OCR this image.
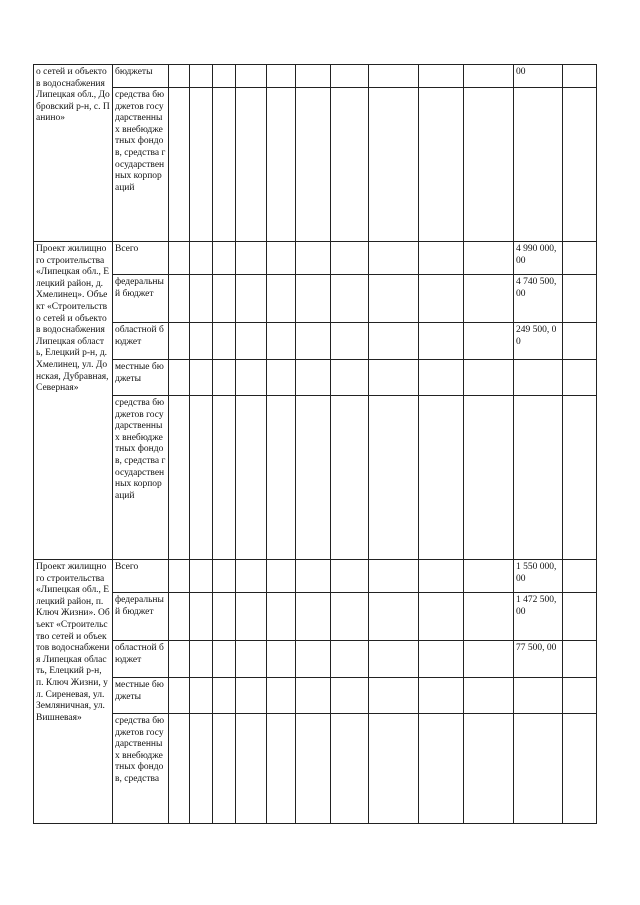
о сетей и объектов водоснабжения Липецкая обл., Добровский р-н, с. Панино»	бюджеты											00	
	средства бюджетов государственных внебюджетных фондов, средства государственных корпораций												
Проект жилищного строительства «Липецкая обл., Елецкий район, д. Хмелинец». Объект «Строительство сетей и объектов водоснабжения Липецкая область, Елецкий р-н, д. Хмелинец, ул. Донская, Дубравная, Северная»	Всего											4 990 000,00	
	федеральный бюджет											4 740 500,00	
	областной бюджет											249 500, 00	
	местные бюджеты												
	средства бюджетов государственных внебюджетных фондов, средства государственных корпораций												
Проект жилищного строительства «Липецкая обл., Елецкий район, п. Ключ Жизни». Объект «Строительство сетей и объектов водоснабжения Липецкая область, Елецкий р-н, п. Ключ Жизни, ул. Сиреневая, ул. Земляничная, ул. Вишневая»	Всего											1 550 000,00	
	федеральный бюджет											1 472 500,00	
	областной бюджет											77 500, 00	
	местные бюджеты												
	средства бюджетов государственных внебюджетных фондов, средства												
